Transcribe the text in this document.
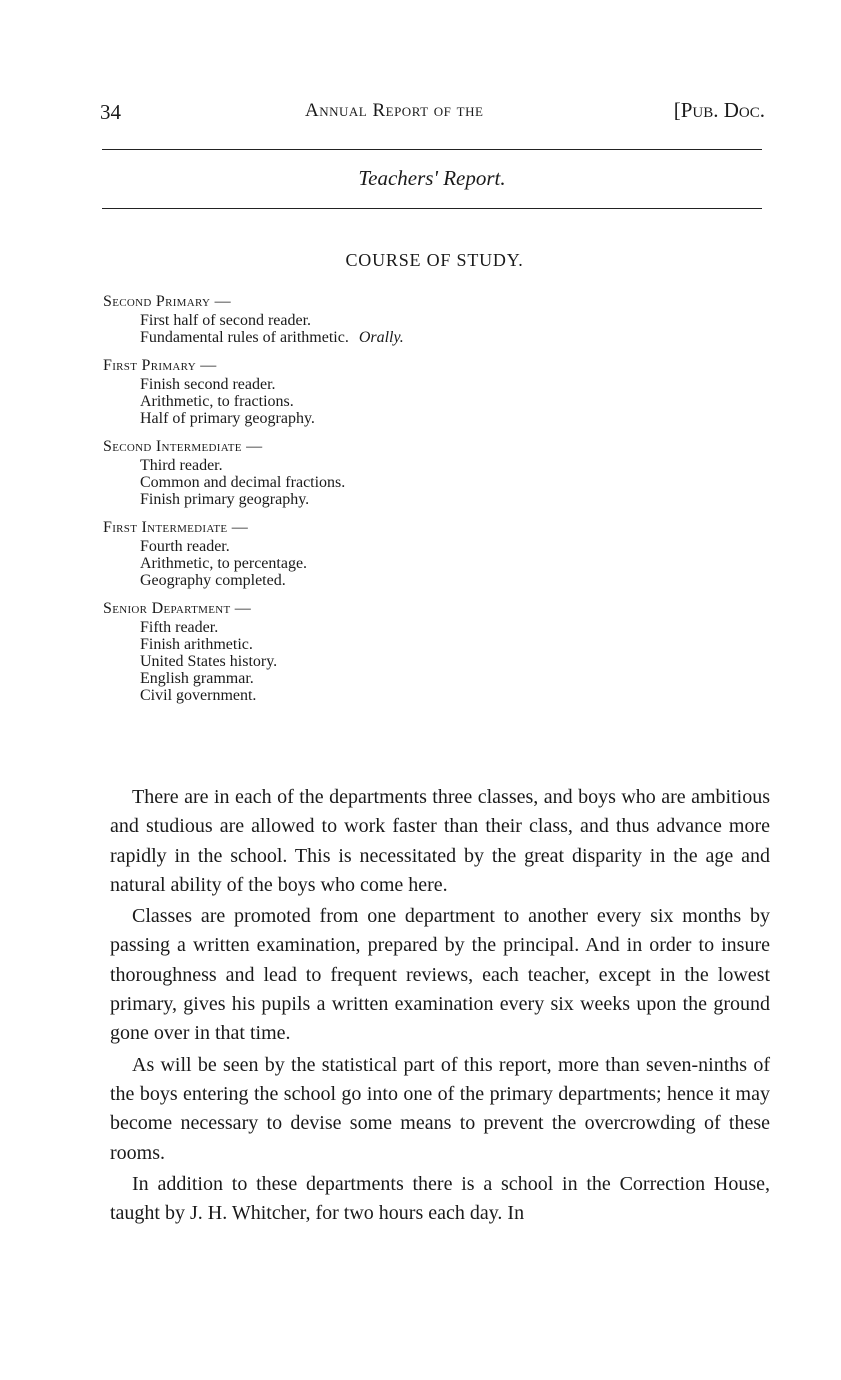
34	Annual Report of the	[Pub. Doc.
Teachers' Report.
COURSE OF STUDY.
Second Primary —
First half of second reader.
Fundamental rules of arithmetic. Orally.
First Primary —
Finish second reader.
Arithmetic, to fractions.
Half of primary geography.
Second Intermediate —
Third reader.
Common and decimal fractions.
Finish primary geography.
First Intermediate —
Fourth reader.
Arithmetic, to percentage.
Geography completed.
Senior Department —
Fifth reader.
Finish arithmetic.
United States history.
English grammar.
Civil government.

There are in each of the departments three classes, and boys who are ambitious and studious are allowed to work faster than their class, and thus advance more rapidly in the school. This is necessitated by the great disparity in the age and natural ability of the boys who come here.

Classes are promoted from one department to another every six months by passing a written examination, prepared by the principal. And in order to insure thoroughness and lead to frequent reviews, each teacher, except in the lowest primary, gives his pupils a written examination every six weeks upon the ground gone over in that time.

As will be seen by the statistical part of this report, more than seven-ninths of the boys entering the school go into one of the primary departments; hence it may become necessary to devise some means to prevent the overcrowding of these rooms.

In addition to these departments there is a school in the Correction House, taught by J. H. Whitcher, for two hours each day. In
